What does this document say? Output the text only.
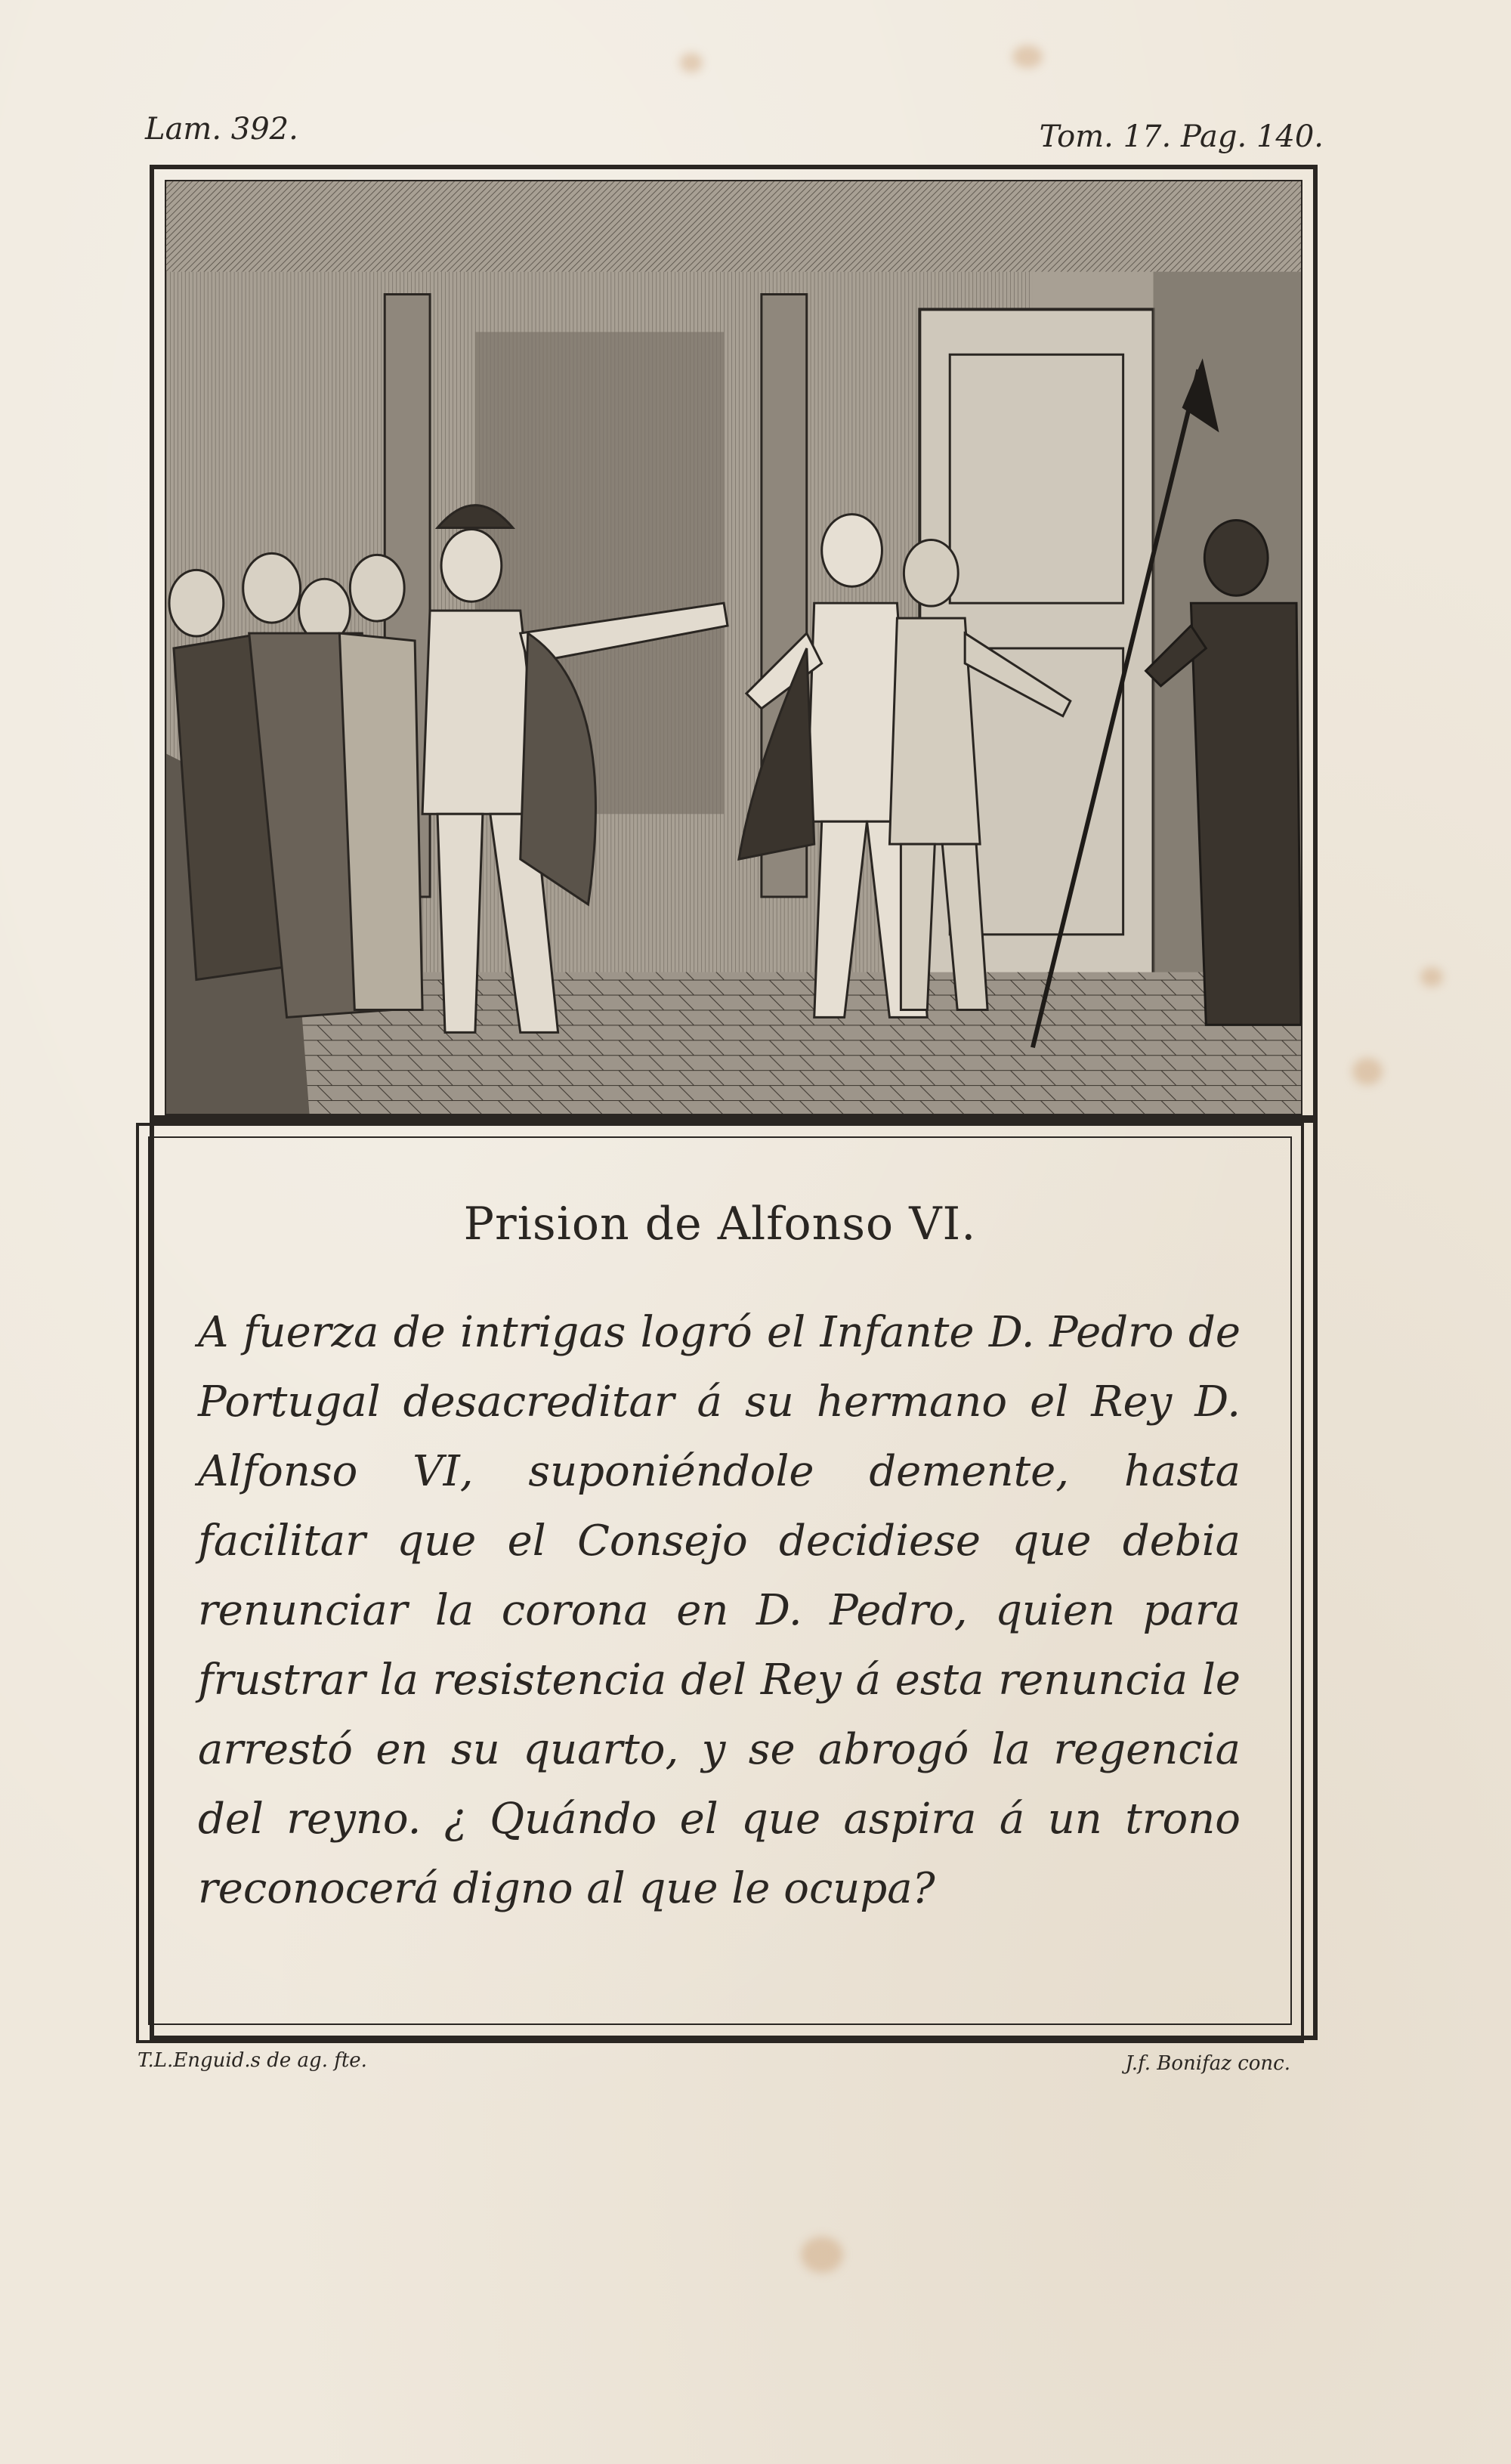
Lam. 392.	Tom. 17. Pag. 140.
Prision de Alfonso VI.
A fuerza de intrigas logró el Infante D. Pedro de Portugal desacreditar á su hermano el Rey D. Alfonso VI, suponiéndole demente, hasta facilitar que el Consejo decidiese que debia renunciar la corona en D. Pedro, quien para frustrar la resistencia del Rey á esta renuncia le arrestó en su quarto, y se abrogó la regencia del reyno. ¿ Quándo el que aspira á un trono reconocerá digno al que le ocupa?
T.L.Enguid.s de ag. fte.	J.f. Bonifaz conc.
